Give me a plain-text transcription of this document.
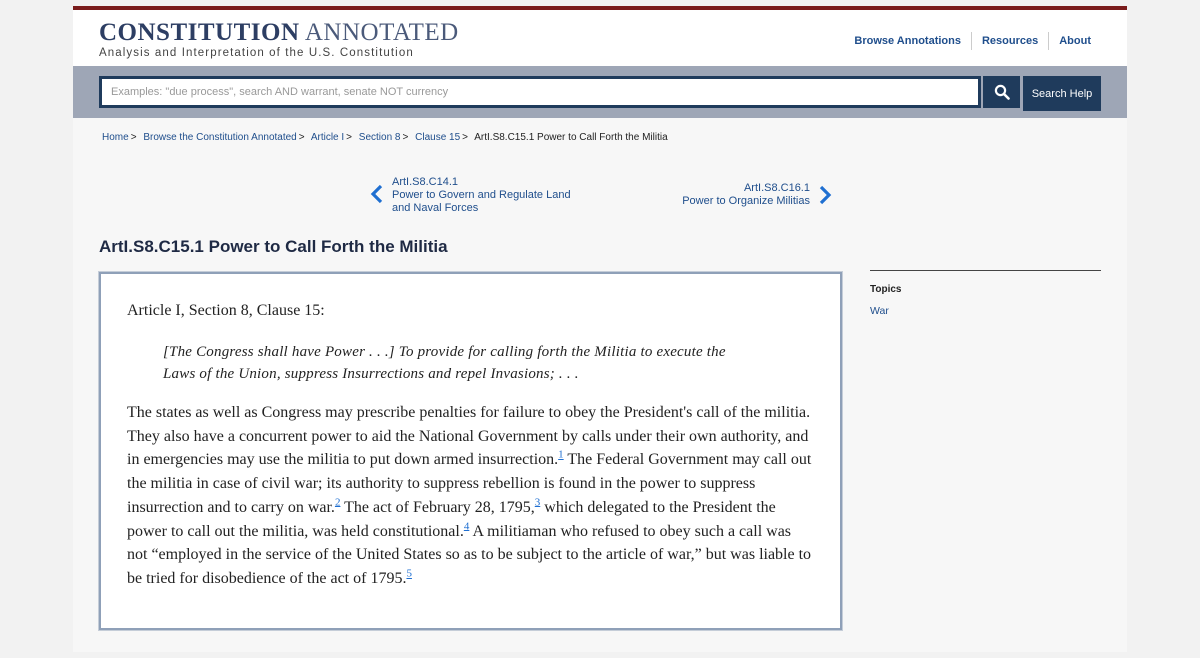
CONSTITUTION ANNOTATED
Analysis and Interpretation of the U.S. Constitution
Browse Annotations	Resources	About
Examples: "due process", search AND warrant, senate NOT currency
Search Help
Home > Browse the Constitution Annotated > Article I > Section 8 > Clause 15 > ArtI.S8.C15.1 Power to Call Forth the Militia
ArtI.S8.C14.1
Power to Govern and Regulate Land
and Naval Forces
ArtI.S8.C16.1
Power to Organize Militias
ArtI.S8.C15.1 Power to Call Forth the Militia

Article I, Section 8, Clause 15:

[The Congress shall have Power . . .] To provide for calling forth the Militia to execute the
Laws of the Union, suppress Insurrections and repel Invasions; . . .

The states as well as Congress may prescribe penalties for failure to obey the President's call of the militia. They also have a concurrent power to aid the National Government by calls under their own authority, and in emergencies may use the militia to put down armed insurrection.$^1$ The Federal Government may call out the militia in case of civil war; its authority to suppress rebellion is found in the power to suppress insurrection and to carry on war.$^2$ The act of February 28, 1795,$^3$ which delegated to the President the power to call out the militia, was held constitutional.$^4$ A militiaman who refused to obey such a call was not “employed in the service of the United States so as to be subject to the article of war,” but was liable to be tried for disobedience of the act of 1795.$^5$

Topics
War
